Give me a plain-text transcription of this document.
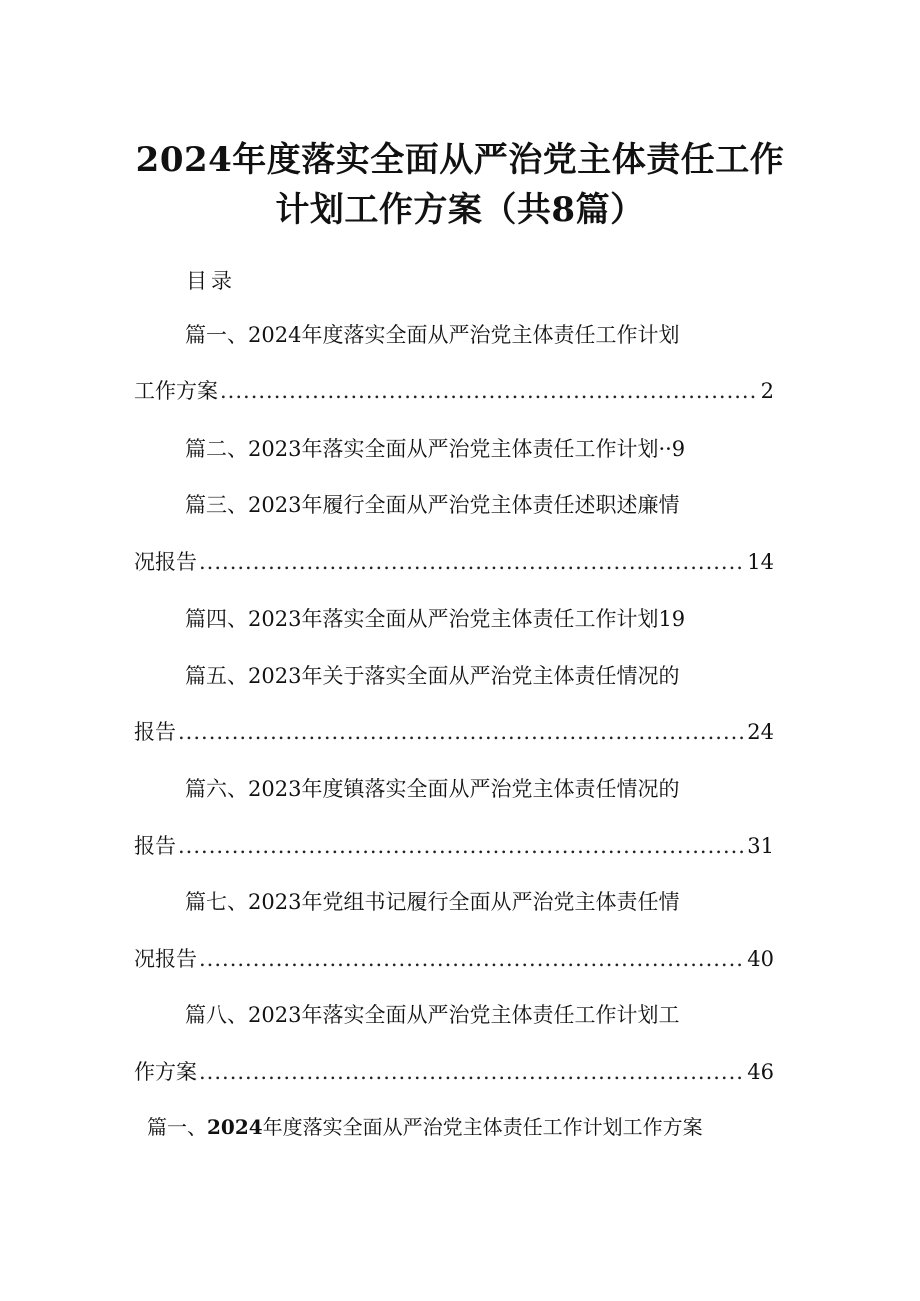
2024年度落实全面从严治党主体责任工作
计划工作方案（共8篇）
目录
篇一、2024年度落实全面从严治党主体责任工作计划
工作方案 .....	2
篇二、2023年落实全面从严治党主体责任工作计划··9
篇三、2023年履行全面从严治党主体责任述职述廉情
况报告 .....	14
篇四、2023年落实全面从严治党主体责任工作计划19
篇五、2023年关于落实全面从严治党主体责任情况的
报告 .....	24
篇六、2023年度镇落实全面从严治党主体责任情况的
报告 .....	31
篇七、2023年党组书记履行全面从严治党主体责任情
况报告 .....	40
篇八、2023年落实全面从严治党主体责任工作计划工
作方案 .....	46
篇一、2024年度落实全面从严治党主体责任工作计划工作方案
